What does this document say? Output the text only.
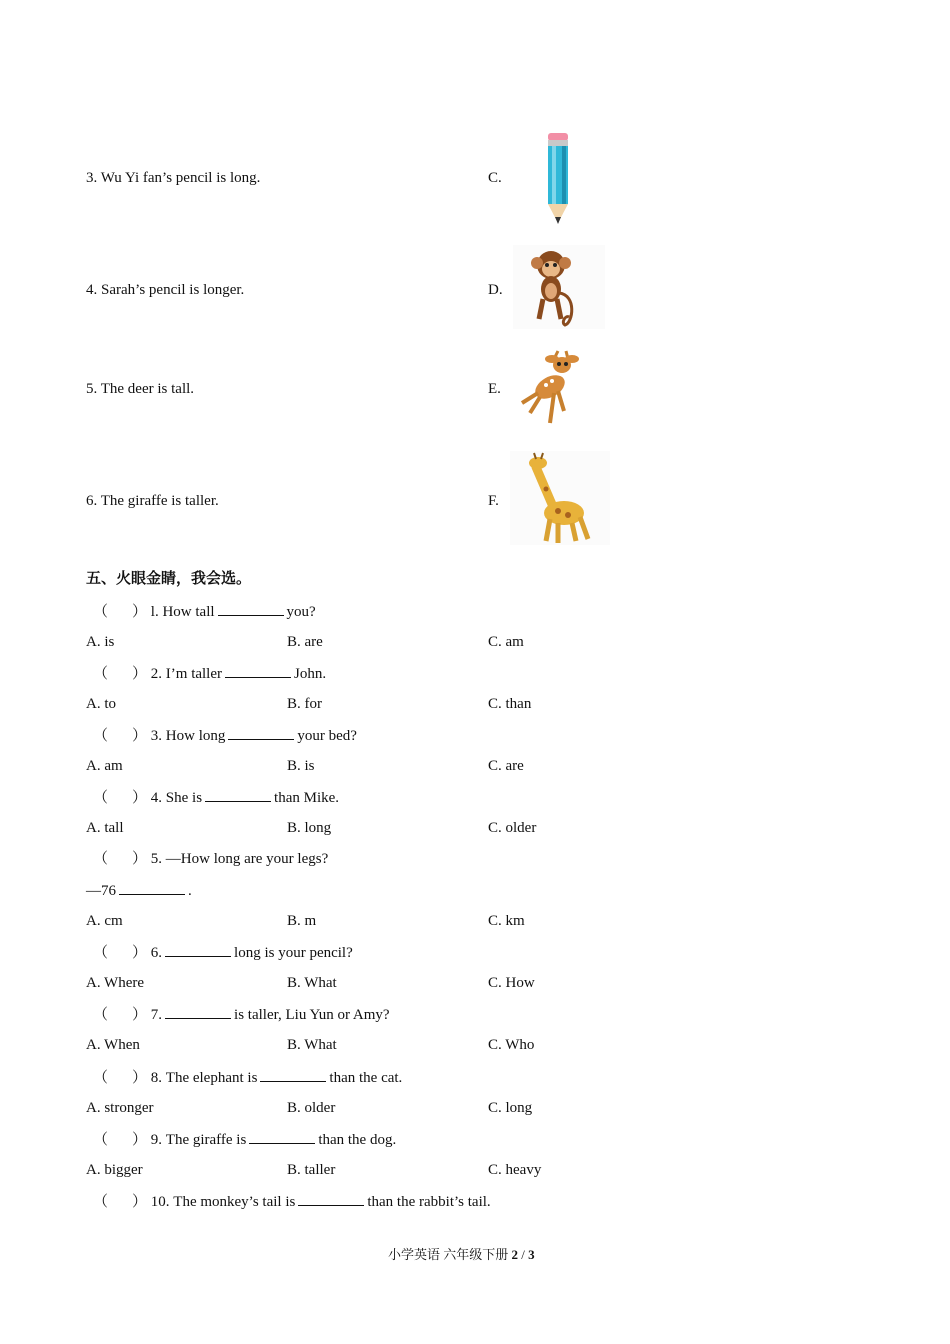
3. Wu Yi fan’s pencil is long.	C.
4. Sarah’s pencil is longer.	D.
5. The deer is tall.	E.
6. The giraffe is taller.	F.
五、火眼金睛，我会选。
（ ） l. How tall	you?
A. is	B. are	C. am
（ ） 2. I’m taller	John.
A. to	B. for	C. than
（ ） 3. How long	your bed?
A. am	B. is	C. are
（ ） 4. She is	than Mike.
A. tall	B. long	C. older
（ ） 5. —How long are your legs?
—76	.
A. cm	B. m	C. km
（ ） 6.	long is your pencil?
A. Where	B. What	C. How
（ ） 7.	is taller, Liu Yun or Amy?
A. When	B. What	C. Who
（ ） 8. The elephant is	than the cat.
A. stronger	B. older	C. long
（ ） 9. The giraffe is	than the dog.
A. bigger	B. taller	C. heavy
（ ） 10. The monkey’s tail is	than the rabbit’s tail.
小学英语 六年级下册 2 / 3
